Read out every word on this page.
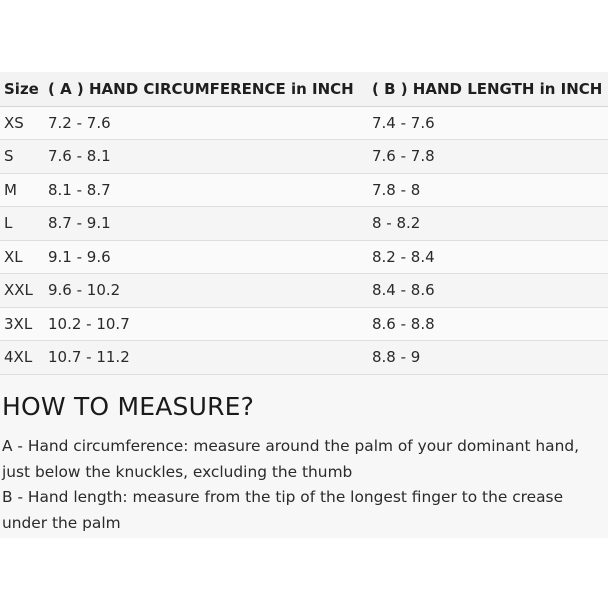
Size	( A ) HAND CIRCUMFERENCE in INCH	( B ) HAND LENGTH in INCH
XS	7.2 - 7.6	7.4 - 7.6
S	7.6 - 8.1	7.6 - 7.8
M	8.1 - 8.7	7.8 - 8
L	8.7 - 9.1	8 - 8.2
XL	9.1 - 9.6	8.2 - 8.4
XXL	9.6 - 10.2	8.4 - 8.6
3XL	10.2 - 10.7	8.6 - 8.8
4XL	10.7 - 11.2	8.8 - 9
HOW TO MEASURE?

A - Hand circumference: measure around the palm of your dominant hand, just below the knuckles, excluding the thumb

B - Hand length: measure from the tip of the longest finger to the crease under the palm
